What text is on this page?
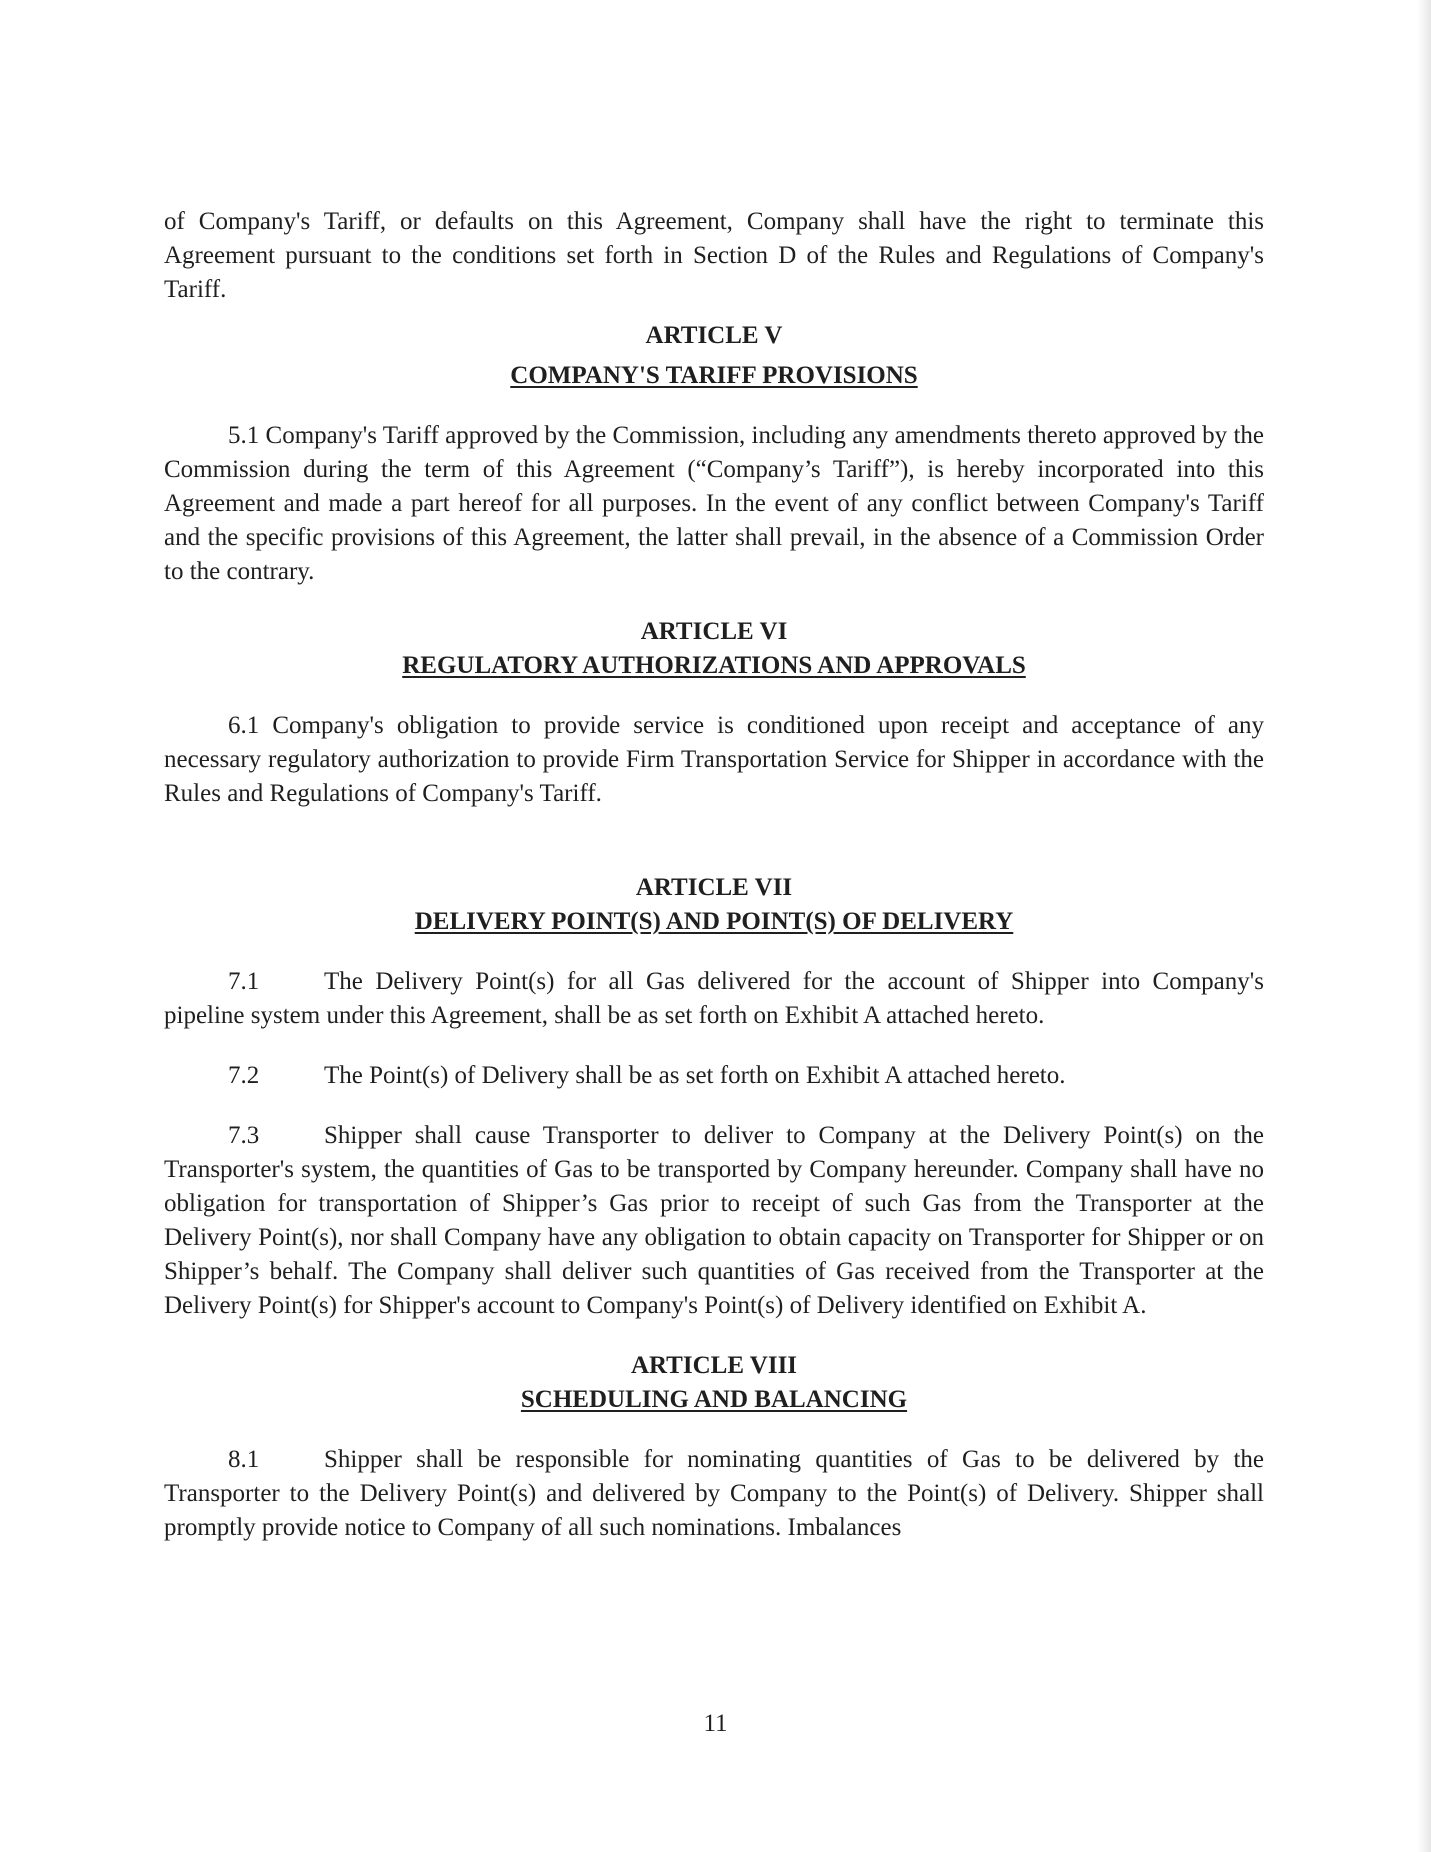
of Company's Tariff, or defaults on this Agreement, Company shall have the right to terminate this Agreement pursuant to the conditions set forth in Section D of the Rules and Regulations of Company's Tariff.

ARTICLE V

COMPANY'S TARIFF PROVISIONS

5.1 Company's Tariff approved by the Commission, including any amendments thereto approved by the Commission during the term of this Agreement (“Company’s Tariff”), is hereby incorporated into this Agreement and made a part hereof for all purposes. In the event of any conflict between Company's Tariff and the specific provisions of this Agreement, the latter shall prevail, in the absence of a Commission Order to the contrary.

ARTICLE VI

REGULATORY AUTHORIZATIONS AND APPROVALS

6.1 Company's obligation to provide service is conditioned upon receipt and acceptance of any necessary regulatory authorization to provide Firm Transportation Service for Shipper in accordance with the Rules and Regulations of Company's Tariff.

ARTICLE VII

DELIVERY POINT(S) AND POINT(S) OF DELIVERY

7.1	The Delivery Point(s) for all Gas delivered for the account of Shipper into Company's pipeline system under this Agreement, shall be as set forth on Exhibit A attached hereto.

7.2	The Point(s) of Delivery shall be as set forth on Exhibit A attached hereto.

7.3	Shipper shall cause Transporter to deliver to Company at the Delivery Point(s) on the Transporter's system, the quantities of Gas to be transported by Company hereunder. Company shall have no obligation for transportation of Shipper’s Gas prior to receipt of such Gas from the Transporter at the Delivery Point(s), nor shall Company have any obligation to obtain capacity on Transporter for Shipper or on Shipper’s behalf. The Company shall deliver such quantities of Gas received from the Transporter at the Delivery Point(s) for Shipper's account to Company's Point(s) of Delivery identified on Exhibit A.

ARTICLE VIII

SCHEDULING AND BALANCING

8.1	Shipper shall be responsible for nominating quantities of Gas to be delivered by the Transporter to the Delivery Point(s) and delivered by Company to the Point(s) of Delivery. Shipper shall promptly provide notice to Company of all such nominations. Imbalances

11
